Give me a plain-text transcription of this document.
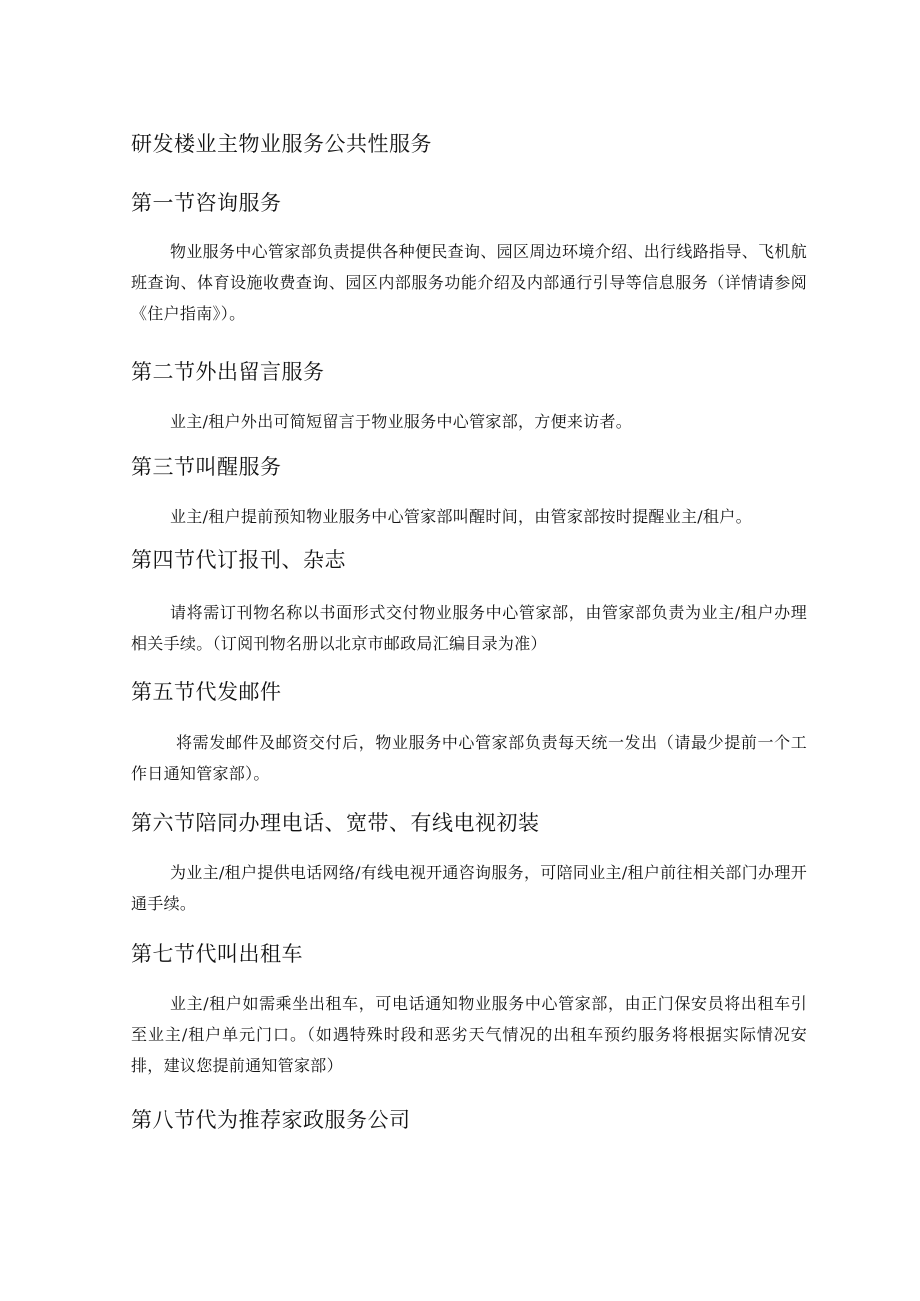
研发楼业主物业服务公共性服务
第一节咨询服务
物业服务中心管家部负责提供各种便民查询、园区周边环境介绍、出行线路指导、飞机航班查询、体育设施收费查询、园区内部服务功能介绍及内部通行引导等信息服务（详情请参阅《住户指南》）。
第二节外出留言服务
业主/租户外出可简短留言于物业服务中心管家部，方便来访者。
第三节叫醒服务
业主/租户提前预知物业服务中心管家部叫醒时间，由管家部按时提醒业主/租户。
第四节代订报刊、杂志
请将需订刊物名称以书面形式交付物业服务中心管家部，由管家部负责为业主/租户办理相关手续。（订阅刊物名册以北京市邮政局汇编目录为准）
第五节代发邮件
将需发邮件及邮资交付后，物业服务中心管家部负责每天统一发出（请最少提前一个工作日通知管家部）。
第六节陪同办理电话、宽带、有线电视初装
为业主/租户提供电话网络/有线电视开通咨询服务，可陪同业主/租户前往相关部门办理开通手续。
第七节代叫出租车
业主/租户如需乘坐出租车，可电话通知物业服务中心管家部，由正门保安员将出租车引至业主/租户单元门口。（如遇特殊时段和恶劣天气情况的出租车预约服务将根据实际情况安排，建议您提前通知管家部）
第八节代为推荐家政服务公司
